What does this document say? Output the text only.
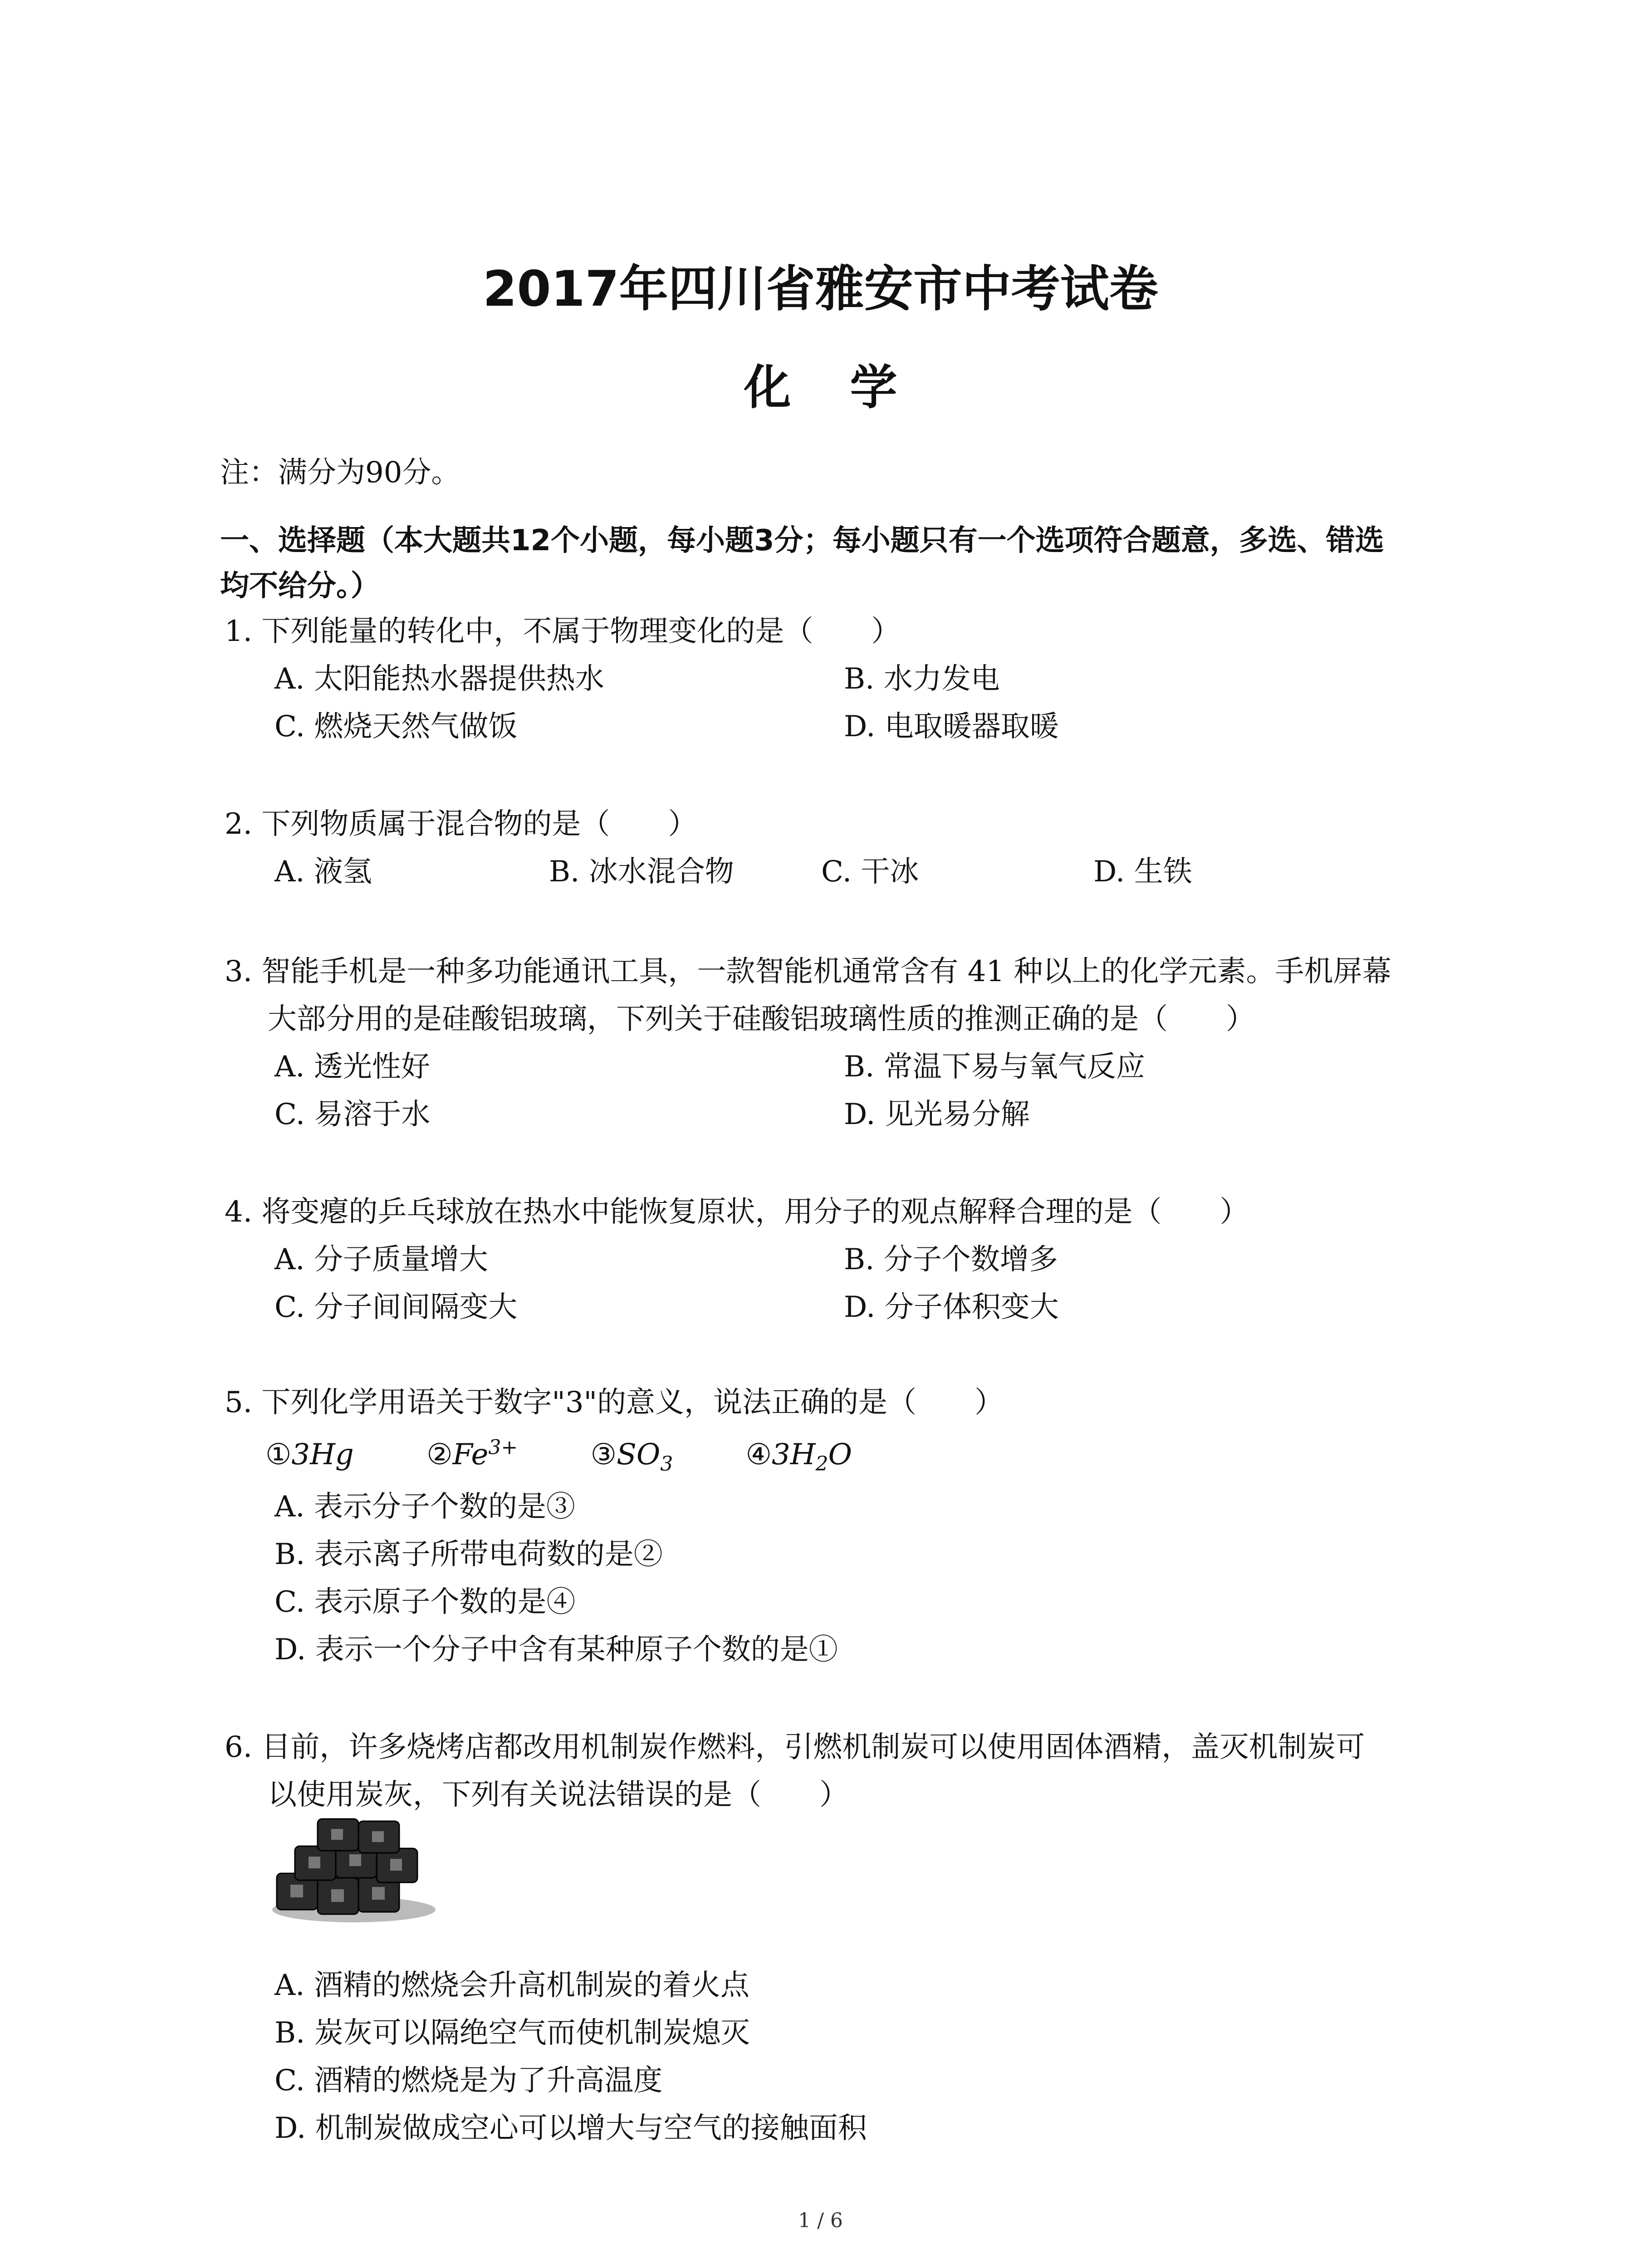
2017年四川省雅安市中考试卷
化学
注：满分为90分。
一、选择题（本大题共12个小题，每小题3分；每小题只有一个选项符合题意，多选、错选
均不给分。）
1. 下列能量的转化中，不属于物理变化的是（　　）
A. 太阳能热水器提供热水	B. 水力发电
C. 燃烧天然气做饭	D. 电取暖器取暖
2. 下列物质属于混合物的是（　　）
A. 液氢	B. 冰水混合物	C. 干冰	D. 生铁
3. 智能手机是一种多功能通讯工具，一款智能机通常含有 41 种以上的化学元素。手机屏幕
大部分用的是硅酸铝玻璃，下列关于硅酸铝玻璃性质的推测正确的是（　　）
A. 透光性好	B. 常温下易与氧气反应
C. 易溶于水	D. 见光易分解
4. 将变瘪的乒乓球放在热水中能恢复原状，用分子的观点解释合理的是（　　）
A. 分子质量增大	B. 分子个数增多
C. 分子间间隔变大	D. 分子体积变大
5. 下列化学用语关于数字"3"的意义，说法正确的是（　　）
①3Hg	$②Fe^{3+}$	$③SO_3$	$④3H_2O$
A. 表示分子个数的是③
B. 表示离子所带电荷数的是②
C. 表示原子个数的是④
D. 表示一个分子中含有某种原子个数的是①
6. 目前，许多烧烤店都改用机制炭作燃料，引燃机制炭可以使用固体酒精，盖灭机制炭可
以使用炭灰，下列有关说法错误的是（　　）
A. 酒精的燃烧会升高机制炭的着火点
B. 炭灰可以隔绝空气而使机制炭熄灭
C. 酒精的燃烧是为了升高温度
D. 机制炭做成空心可以增大与空气的接触面积
1 / 6
